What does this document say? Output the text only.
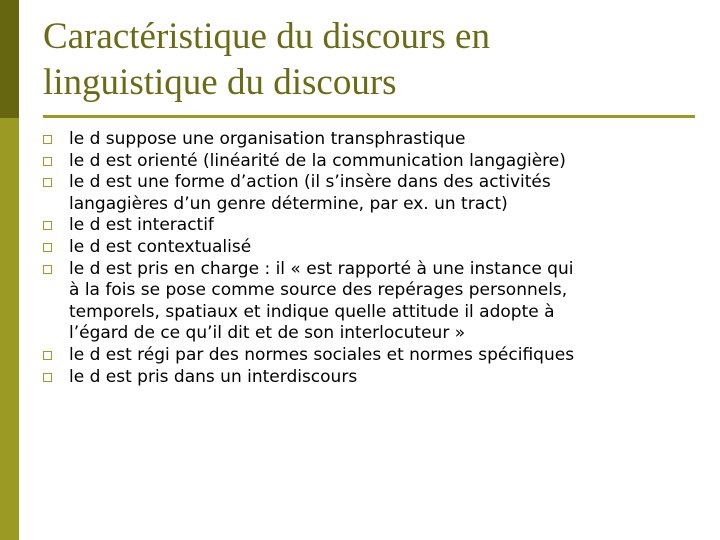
Caractéristique du discours en
linguistique du discours
le d suppose une organisation transphrastique
le d est orienté (linéarité de la communication langagière)
le d est une forme d’action (il s’insère dans des activités
langagières d’un genre détermine, par ex. un tract)
le d est interactif
le d est contextualisé
le d est pris en charge : il « est rapporté à une instance qui
à la fois se pose comme source des repérages personnels,
temporels, spatiaux et indique quelle attitude il adopte à
l’égard de ce qu’il dit et de son interlocuteur »
le d est régi par des normes sociales et normes spécifiques
le d est pris dans un interdiscours
